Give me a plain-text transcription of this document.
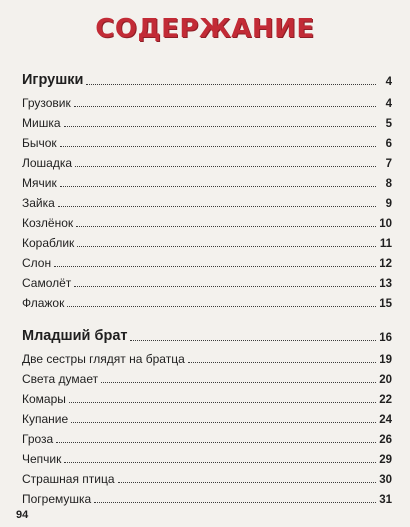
СОДЕРЖАНИЕ
Игрушки	4
Грузовик	4
Мишка	5
Бычок	6
Лошадка	7
Мячик	8
Зайка	9
Козлёнок	10
Кораблик	11
Слон	12
Самолёт	13
Флажок	15
Младший брат	16
Две сестры глядят на братца	19
Света думает	20
Комары	22
Купание	24
Гроза	26
Чепчик	29
Страшная птица	30
Погремушка	31
94
